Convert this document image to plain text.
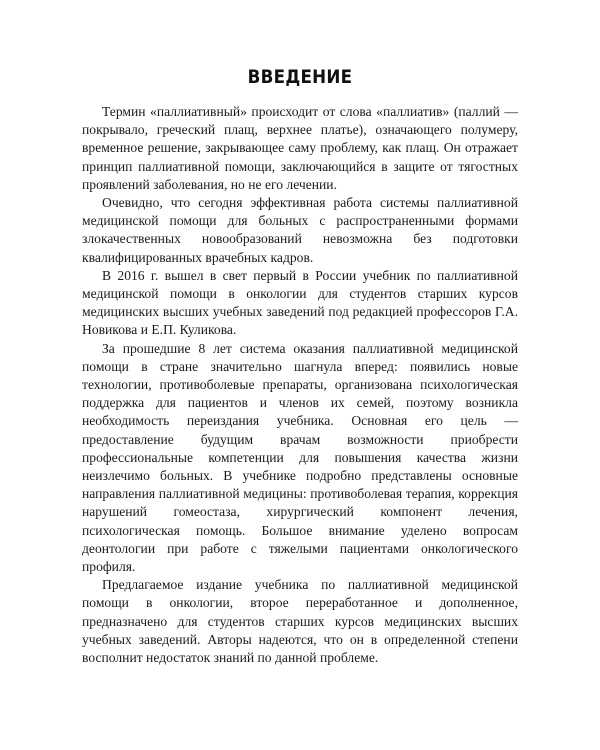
ВВЕДЕНИЕ

Термин «паллиативный» происходит от слова «паллиатив» (паллий — покрывало, греческий плащ, верхнее платье), означающего полумеру, временное решение, закрывающее саму проблему, как плащ. Он отражает принцип паллиативной помощи, заключающийся в защите от тягостных проявлений заболевания, но не его лечении.

Очевидно, что сегодня эффективная работа системы паллиативной медицинской помощи для больных с распространенными формами злокачественных новообразований невозможна без подготовки квалифицированных врачебных кадров.

В 2016 г. вышел в свет первый в России учебник по паллиативной медицинской помощи в онкологии для студентов старших курсов медицинских высших учебных заведений под редакцией профессоров Г.А. Новикова и Е.П. Куликова.

За прошедшие 8 лет система оказания паллиативной медицинской помощи в стране значительно шагнула вперед: появились новые технологии, противоболевые препараты, организована психологическая поддержка для пациентов и членов их семей, поэтому возникла необходимость переиздания учебника. Основная его цель — предоставление будущим врачам возможности приобрести профессиональные компетенции для повышения качества жизни неизлечимо больных. В учебнике подробно представлены основные направления паллиативной медицины: противоболевая терапия, коррекция нарушений гомеостаза, хирургический компонент лечения, психологическая помощь. Большое внимание уделено вопросам деонтологии при работе с тяжелыми пациентами онкологического профиля.

Предлагаемое издание учебника по паллиативной медицинской помощи в онкологии, второе переработанное и дополненное, предназначено для студентов старших курсов медицинских высших учебных заведений. Авторы надеются, что он в определенной степени восполнит недостаток знаний по данной проблеме.
